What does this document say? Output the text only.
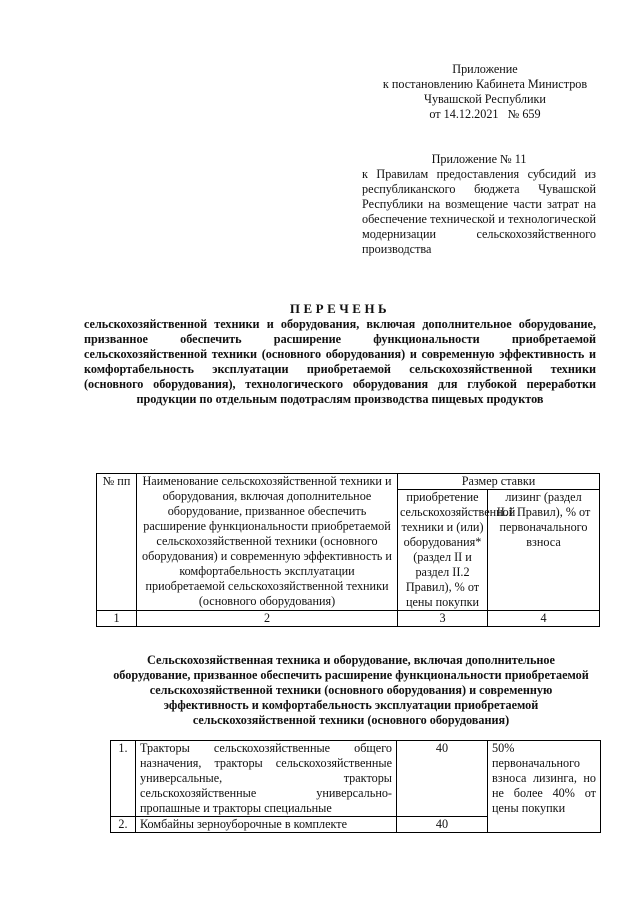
Приложение
к постановлению Кабинета Министров
Чувашской Республики
от 14.12.2021   № 659
Приложение № 11
к Правилам предоставления субсидий из республиканского бюджета Чувашской Республики на возмещение части затрат на обеспечение технической и технологической модернизации сельскохозяйственного производства
ПЕРЕЧЕНЬ
сельскохозяйственной техники и оборудования, включая дополнительное оборудование, призванное обеспечить расширение функциональности приобретаемой сельскохозяйственной техники (основного оборудования) и современную эффективность и комфортабельность эксплуатации приобретаемой сельскохозяйственной техники (основного оборудования), технологического оборудования для глубокой переработки продукции по отдельным подотраслям производства пищевых продуктов
№ пп	Наименование сельскохозяйственной техники и оборудования, включая дополнительное оборудование, призванное обеспечить расширение функциональности приобретаемой сельскохозяйственной техники (основного оборудования) и современную эффективность и комфортабельность эксплуатации приобретаемой сельскохозяйственной техники (основного оборудования)	Размер ставки	
		приобретение сельскохозяйственной техники и (или) оборудования* (раздел II и раздел II.2 Правил), % от цены покупки	лизинг (раздел II.1 Правил), % от первоначального взноса
1	2	3	4
Сельскохозяйственная техника и оборудование, включая дополнительное оборудование, призванное обеспечить расширение функциональности приобретаемой сельскохозяйственной техники (основного оборудования) и современную эффективность и комфортабельность эксплуатации приобретаемой сельскохозяйственной техники (основного оборудования)
1.	Тракторы сельскохозяйственные общего назначения, тракторы сельскохозяйственные универсальные, тракторы сельскохозяйственные универсально-пропашные и тракторы специальные	40	50% первоначального взноса лизинга, но не более 40% от цены покупки
2.	Комбайны зерноуборочные в комплекте	40	
